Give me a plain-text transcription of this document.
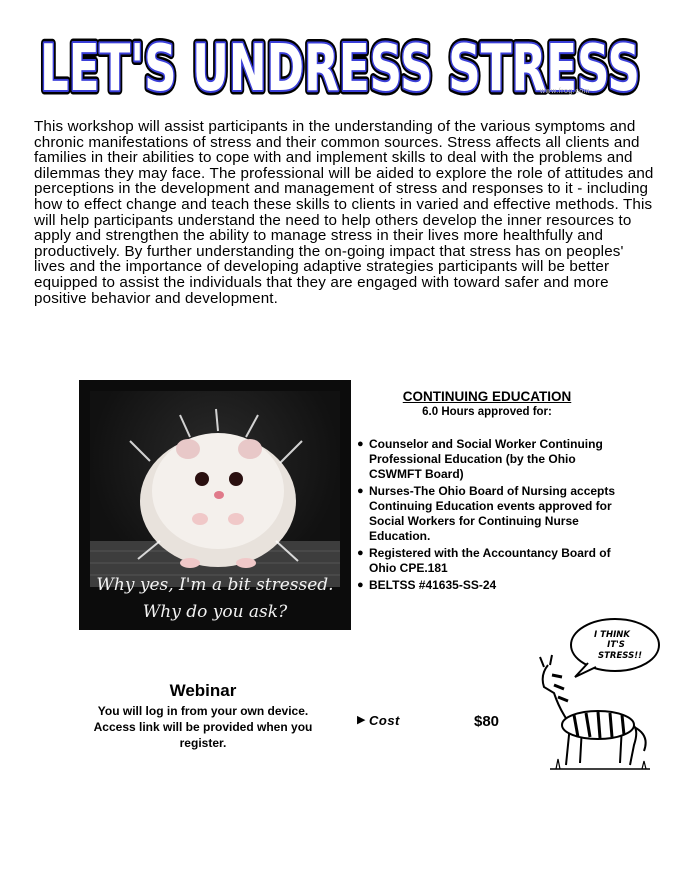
LET'S UNDRESS STRESS
LET'S UNDRESS STRESS
www.frog.com

This workshop will assist participants in the understanding of the various symptoms and chronic manifestations of stress and their common sources. Stress affects all clients and families in their abilities to cope with and implement skills to deal with the problems and dilemmas they may face. The professional will be aided to explore the role of attitudes and perceptions in the development and management of stress and responses to it - including how to effect change and teach these skills to clients in varied and effective methods. This will help participants understand the need to help others develop the inner resources to apply and strengthen the ability to manage stress in their lives more healthfully and productively. By further understanding the on-going impact that stress has on peoples' lives and the importance of developing adaptive strategies participants will be better equipped to assist the individuals that they are engaged with toward safer and more positive behavior and development.

Why yes, I'm a bit stressed.
Why do you ask?
CONTINUING EDUCATION
6.0 Hours approved for:
● Counselor and Social Worker Continuing Professional Education (by the Ohio CSWMFT Board)
● Nurses-The Ohio Board of Nursing accepts Continuing Education events approved for Social Workers for Continuing Nurse Education.
● Registered with the Accountancy Board of Ohio CPE.181
● BELTSS #41635-SS-24
Webinar
You will log in from your own device.
Access link will be provided when you register.
▶ Cost	$80
I THINK
IT'S
STRESS!!
